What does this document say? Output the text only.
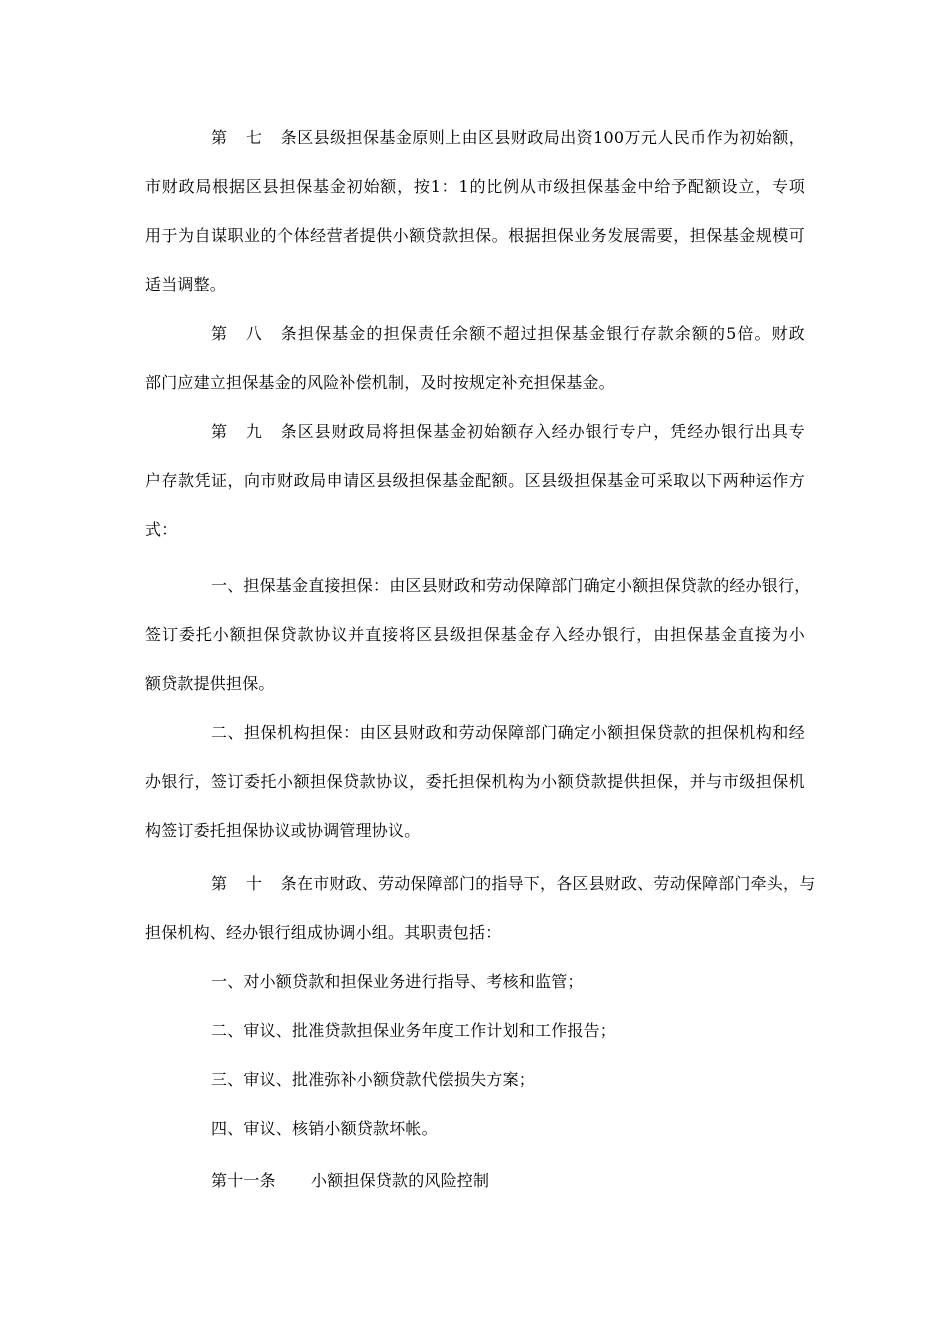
第七条区县级担保基金原则上由区县财政局出资100万元人民币作为初始额，
市财政局根据区县担保基金初始额，按1：1的比例从市级担保基金中给予配额设立，专项
用于为自谋职业的个体经营者提供小额贷款担保。根据担保业务发展需要，担保基金规模可
适当调整。
第八条担保基金的担保责任余额不超过担保基金银行存款余额的5倍。财政
部门应建立担保基金的风险补偿机制，及时按规定补充担保基金。
第九条区县财政局将担保基金初始额存入经办银行专户，凭经办银行出具专
户存款凭证，向市财政局申请区县级担保基金配额。区县级担保基金可采取以下两种运作方
式：
一、担保基金直接担保：由区县财政和劳动保障部门确定小额担保贷款的经办银行，
签订委托小额担保贷款协议并直接将区县级担保基金存入经办银行，由担保基金直接为小
额贷款提供担保。
二、担保机构担保：由区县财政和劳动保障部门确定小额担保贷款的担保机构和经
办银行，签订委托小额担保贷款协议，委托担保机构为小额贷款提供担保，并与市级担保机
构签订委托担保协议或协调管理协议。
第十条在市财政、劳动保障部门的指导下，各区县财政、劳动保障部门牵头，与
担保机构、经办银行组成协调小组。其职责包括：
一、对小额贷款和担保业务进行指导、考核和监管；
二、审议、批准贷款担保业务年度工作计划和工作报告；
三、审议、批准弥补小额贷款代偿损失方案；
四、审议、核销小额贷款坏帐。
第十一条 小额担保贷款的风险控制
